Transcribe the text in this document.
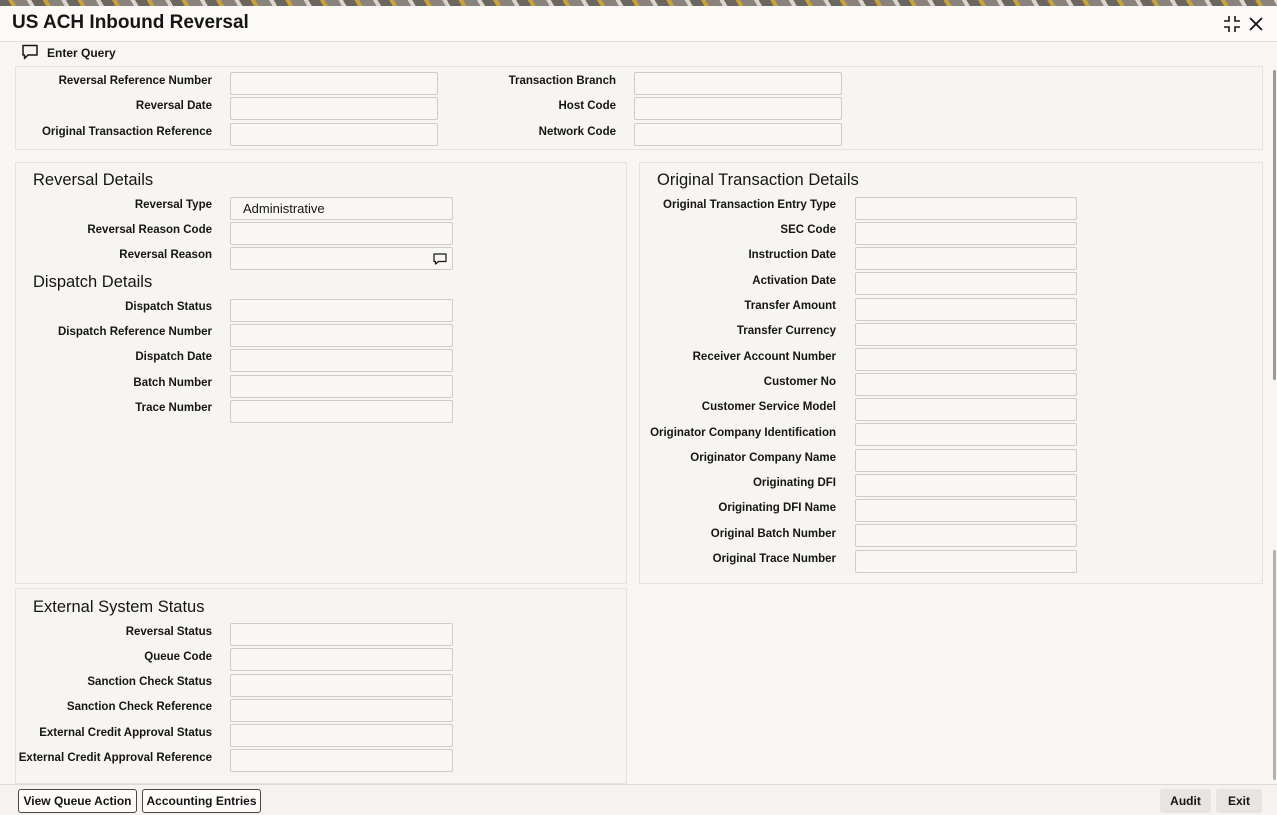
US ACH Inbound Reversal
Enter Query
Reversal Reference Number
Reversal Date
Original Transaction Reference
Transaction Branch
Host Code
Network Code
Reversal Details
Reversal Type	Administrative
Reversal Reason Code
Reversal Reason
Dispatch Details
Dispatch Status
Dispatch Reference Number
Dispatch Date
Batch Number
Trace Number
Original Transaction Details
Original Transaction Entry Type
SEC Code
Instruction Date
Activation Date
Transfer Amount
Transfer Currency
Receiver Account Number
Customer No
Customer Service Model
Originator Company Identification
Originator Company Name
Originating DFI
Originating DFI Name
Original Batch Number
Original Trace Number
External System Status
Reversal Status
Queue Code
Sanction Check Status
Sanction Check Reference
External Credit Approval Status
External Credit Approval Reference
View Queue Action	Accounting Entries	Audit	Exit
